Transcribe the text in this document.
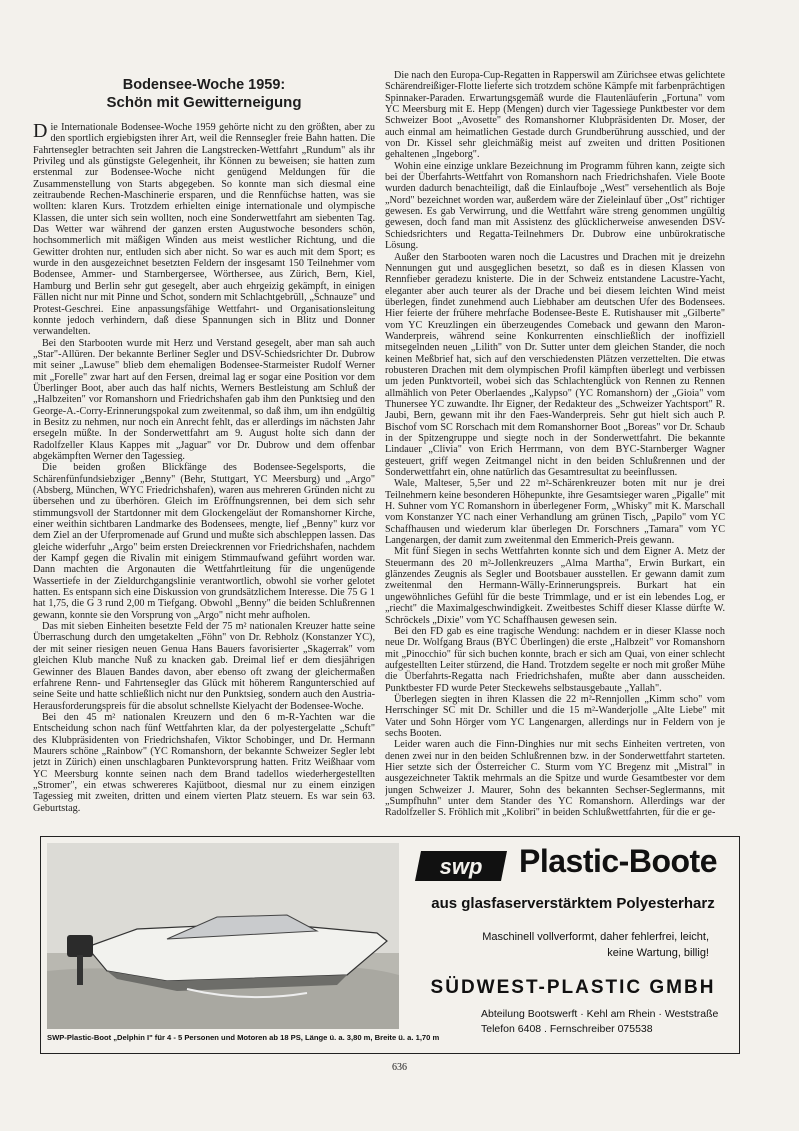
Bodensee-Woche 1959:
Schön mit Gewitterneigung

Die Internationale Bodensee-Woche 1959 gehörte nicht zu den größten, aber zu den sportlich ergiebigsten ihrer Art, weil die Rennsegler freie Bahn hatten. Die Fahrtensegler betrachten seit Jahren die Langstrecken-Wettfahrt „Rundum" als ihr Privileg und als günstigste Gelegenheit, ihr Können zu beweisen; sie hatten zum erstenmal zur Bodensee-Woche nicht genügend Meldungen für die Zusammenstellung von Starts abgegeben. So konnte man sich diesmal eine zeitraubende Rechen-Maschinerie ersparen, und die Rennfüchse hatten, was sie wollten: klaren Kurs. Trotzdem erhielten einige internationale und olympische Klassen, die unter sich sein wollten, noch eine Sonderwettfahrt am siebenten Tag. Das Wetter war während der ganzen ersten Augustwoche besonders schön, hochsommerlich mit mäßigen Winden aus meist westlicher Richtung, und die Gewitter drohten nur, entluden sich aber nicht. So war es auch mit dem Sport; es wurde in den ausgezeichnet besetzten Feldern der insgesamt 150 Teilnehmer vom Bodensee, Ammer- und Starnbergersee, Wörthersee, aus Zürich, Bern, Kiel, Hamburg und Berlin sehr gut gesegelt, aber auch ehrgeizig gekämpft, in einigen Fällen nicht nur mit Pinne und Schot, sondern mit Schlachtgebrüll, „Schnauze" und Protest-Geschrei. Eine anpassungsfähige Wettfahrt- und Organisationsleitung konnte jedoch verhindern, daß diese Spannungen sich in Blitz und Donner verwandelten.

Bei den Starbooten wurde mit Herz und Verstand gesegelt, aber man sah auch „Star"-Allüren. Der bekannte Berliner Segler und DSV-Schiedsrichter Dr. Dubrow mit seiner „Lawuse" blieb dem ehemaligen Bodensee-Starmeister Rudolf Werner mit „Forelle" zwar hart auf den Fersen, dreimal lag er sogar eine Position vor dem Überlinger Boot, aber auch das half nichts, Werners Bestleistung am Schluß der „Halbzeiten" vor Romanshorn und Friedrichshafen gab ihm den Punktsieg und den George-A.-Corry-Erinnerungspokal zum zweitenmal, so daß ihm, um ihn endgültig in Besitz zu nehmen, nur noch ein Anrecht fehlt, das er allerdings im nächsten Jahr ersegeln müßte. In der Sonderwettfahrt am 9. August holte sich dann der Radolfzeller Klaus Kappes mit „Jaguar" vor Dr. Dubrow und dem offenbar abgekämpften Werner den Tagessieg.

Die beiden großen Blickfänge des Bodensee-Segelsports, die Schärenfünfundsiebziger „Benny" (Behr, Stuttgart, YC Meersburg) und „Argo" (Absberg, München, WYC Friedrichshafen), waren aus mehreren Gründen nicht zu übersehen und zu überhören. Gleich im Eröffnungsrennen, bei dem sich sehr stimmungsvoll der Startdonner mit dem Glockengeläut der Romanshorner Kirche, einer weithin sichtbaren Landmarke des Bodensees, mengte, lief „Benny" kurz vor dem Ziel an der Uferpromenade auf Grund und mußte sich abschleppen lassen. Das gleiche widerfuhr „Argo" beim ersten Dreieckrennen vor Friedrichshafen, nachdem der Kampf gegen die Rivalin mit einigem Stimmaufwand geführt worden war. Dann machten die Argonauten die Wettfahrtleitung für die ungenügende Wassertiefe in der Zieldurchgangslinie verantwortlich, obwohl sie vorher gelotet hatten. Es entspann sich eine Diskussion von grundsätzlichem Interesse. Die 75 G 1 hat 1,75, die G 3 rund 2,00 m Tiefgang. Obwohl „Benny" die beiden Schlußrennen gewann, konnte sie den Vorsprung von „Argo" nicht mehr aufholen.

Das mit sieben Einheiten besetzte Feld der 75 m² nationalen Kreuzer hatte seine Überraschung durch den umgetakelten „Föhn" von Dr. Rebholz (Konstanzer YC), der mit seiner riesigen neuen Genua Hans Bauers favorisierter „Skagerrak" vom gleichen Klub manche Nuß zu knacken gab. Dreimal lief er dem diesjährigen Gewinner des Blauen Bandes davon, aber ebenso oft zwang der gleichermaßen erfahrene Renn- und Fahrtensegler das Glück mit höherem Rangunterschied auf seine Seite und hatte schließlich nicht nur den Punktsieg, sondern auch den Austria-Herausforderungspreis für die absolut schnellste Kielyacht der Bodensee-Woche.

Bei den 45 m² nationalen Kreuzern und den 6 m-R-Yachten war die Entscheidung schon nach fünf Wettfahrten klar, da der polyestergelatte „Schuft" des Klubpräsidenten von Friedrichshafen, Viktor Schobinger, und Dr. Hermann Maurers schöne „Rainbow" (YC Romanshorn, der bekannte Schweizer Segler lebt jetzt in Zürich) einen unschlagbaren Punktevorsprung hatten. Fritz Weißhaar vom YC Meersburg konnte seinen nach dem Brand tadellos wiederhergestellten „Stromer", ein etwas schwereres Kajütboot, diesmal nur zu einem einzigen Tagessieg mit zweiten, dritten und einem vierten Platz steuern. Es war sein 63. Geburtstag.

Die nach den Europa-Cup-Regatten in Rapperswil am Zürichsee etwas gelichtete Schärendreißiger-Flotte lieferte sich trotzdem schöne Kämpfe mit farbenprächtigen Spinnaker-Paraden. Erwartungsgemäß wurde die Flautenläuferin „Fortuna" vom YC Meersburg mit E. Hepp (Mengen) durch vier Tagessiege Punktbester vor dem Schweizer Boot „Avosette" des Romanshorner Klubpräsidenten Dr. Moser, der auch einmal am heimatlichen Gestade durch Grundberührung ausschied, und der von Dr. Kissel sehr gleichmäßig meist auf zweiten und dritten Positionen gehaltenen „Ingeborg".

Wohin eine einzige unklare Bezeichnung im Programm führen kann, zeigte sich bei der Überfahrts-Wettfahrt von Romanshorn nach Friedrichshafen. Viele Boote wurden dadurch benachteiligt, daß die Einlaufboje „West" versehentlich als Boje „Nord" bezeichnet worden war, außerdem wäre der Zieleinlauf über „Ost" richtiger gewesen. Es gab Verwirrung, und die Wettfahrt wäre streng genommen ungültig gewesen, doch fand man mit Assistenz des glücklicherweise anwesenden DSV-Schiedsrichters und Regatta-Teilnehmers Dr. Dubrow eine unbürokratische Lösung.

Außer den Starbooten waren noch die Lacustres und Drachen mit je dreizehn Nennungen gut und ausgeglichen besetzt, so daß es in diesen Klassen von Rennfieber geradezu knisterte. Die in der Schweiz entstandene Lacustre-Yacht, eleganter aber auch teurer als der Drache und bei diesem leichten Wind meist überlegen, findet zunehmend auch Liebhaber am deutschen Ufer des Bodensees. Hier feierte der frühere mehrfache Bodensee-Beste E. Rutishauser mit „Gilberte" vom YC Kreuzlingen ein überzeugendes Comeback und gewann den Maron-Wanderpreis, während seine Konkurrenten einschließlich der inoffiziell mitsegelnden neuen „Lilith" von Dr. Sutter unter dem gleichen Stander, die noch keinen Meßbrief hat, sich auf den verschiedensten Plätzen verzettelten. Die etwas robusteren Drachen mit dem olympischen Profil kämpften überlegt und verbissen um jeden Punktvorteil, wobei sich das Schlachtenglück von Rennen zu Rennen allmählich von Peter Oberlaendes „Kalypso" (YC Romanshorn) der „Gioia" vom Thunersee YC zuwandte. Ihr Eigner, der Redakteur des „Schweizer Yachtsport" R. Jaubi, Bern, gewann mit ihr den Faes-Wanderpreis. Sehr gut hielt sich auch P. Bischof vom SC Rorschach mit dem Romanshorner Boot „Boreas" vor Dr. Schaub in der Spitzengruppe und siegte noch in der Sonderwettfahrt. Die bekannte Lindauer „Clivia" von Erich Herrmann, von dem BYC-Starnberger Wagner gesteuert, griff wegen Zeitmangel nicht in den beiden Schlußrennen und der Sonderwettfahrt ein, ohne natürlich das Gesamtresultat zu beeinflussen.

Wale, Malteser, 5,5er und 22 m²-Schärenkreuzer boten mit nur je drei Teilnehmern keine besonderen Höhepunkte, ihre Gesamtsieger waren „Pigalle" mit H. Suhner vom YC Romanshorn in überlegener Form, „Whisky" mit K. Marschall vom Konstanzer YC nach einer Verhandlung am grünen Tisch, „Papilo" vom YC Schaffhausen und wiederum klar überlegen Dr. Forschners „Tamara" vom YC Langenargen, der damit zum zweitenmal den Emmerich-Preis gewann.

Mit fünf Siegen in sechs Wettfahrten konnte sich und dem Eigner A. Metz der Steuermann des 20 m²-Jollenkreuzers „Alma Martha", Erwin Burkart, ein glänzendes Zeugnis als Segler und Bootsbauer ausstellen. Er gewann damit zum zweitenmal den Hermann-Wälly-Erinnerungspreis. Burkart hat ein ungewöhnliches Gefühl für die beste Trimmlage, und er ist ein lebendes Log, er „riecht" die Maximalgeschwindigkeit. Zweitbestes Schiff dieser Klasse dürfte W. Schröckels „Dixie" vom YC Schaffhausen gewesen sein.

Bei den FD gab es eine tragische Wendung: nachdem er in dieser Klasse noch neue Dr. Wolfgang Braus (BYC Überlingen) die erste „Halbzeit" vor Romanshorn mit „Pinocchio" für sich buchen konnte, brach er sich am Quai, von einer schlecht aufgestellten Leiter stürzend, die Hand. Trotzdem segelte er noch mit großer Mühe die Überfahrts-Regatta nach Friedrichshafen, mußte aber dann ausscheiden. Punktbester FD wurde Peter Steckewehs selbstausgebaute „Yallah".

Überlegen siegten in ihren Klassen die 22 m²-Rennjollen „Kimm scho" vom Herrschinger SC mit Dr. Schiller und die 15 m²-Wanderjolle „Alte Liebe" mit Vater und Sohn Hörger vom YC Langenargen, allerdings nur in Feldern von je sechs Booten.

Leider waren auch die Finn-Dinghies nur mit sechs Einheiten vertreten, von denen zwei nur in den beiden Schlußrennen bzw. in der Sonderwettfahrt starteten. Hier setzte sich der Österreicher C. Sturm vom YC Bregenz mit „Mistral" in ausgezeichneter Taktik mehrmals an die Spitze und wurde Gesamtbester vor dem jungen Schweizer J. Maurer, Sohn des bekannten Sechser-Seglermanns, mit „Sumpfhuhn" unter dem Stander des YC Romanshorn. Allerdings war der Radolfzeller S. Fröhlich mit „Kolibri" in beiden Schlußwettfahrten, für die er ge-

SWP-Plastic-Boot „Delphin I" für 4 - 5 Personen und Motoren ab 18 PS, Länge ü. a. 3,80 m, Breite ü. a. 1,70 m
swp Plastic-Boote
aus glasfaserverstärktem Polyesterharz
Maschinell vollverformt, daher fehlerfrei, leicht,
keine Wartung, billig!
SÜDWEST-PLASTIC GMBH
Abteilung Bootswerft · Kehl am Rhein · Weststraße
Telefon 6408 . Fernschreiber 075538
636
